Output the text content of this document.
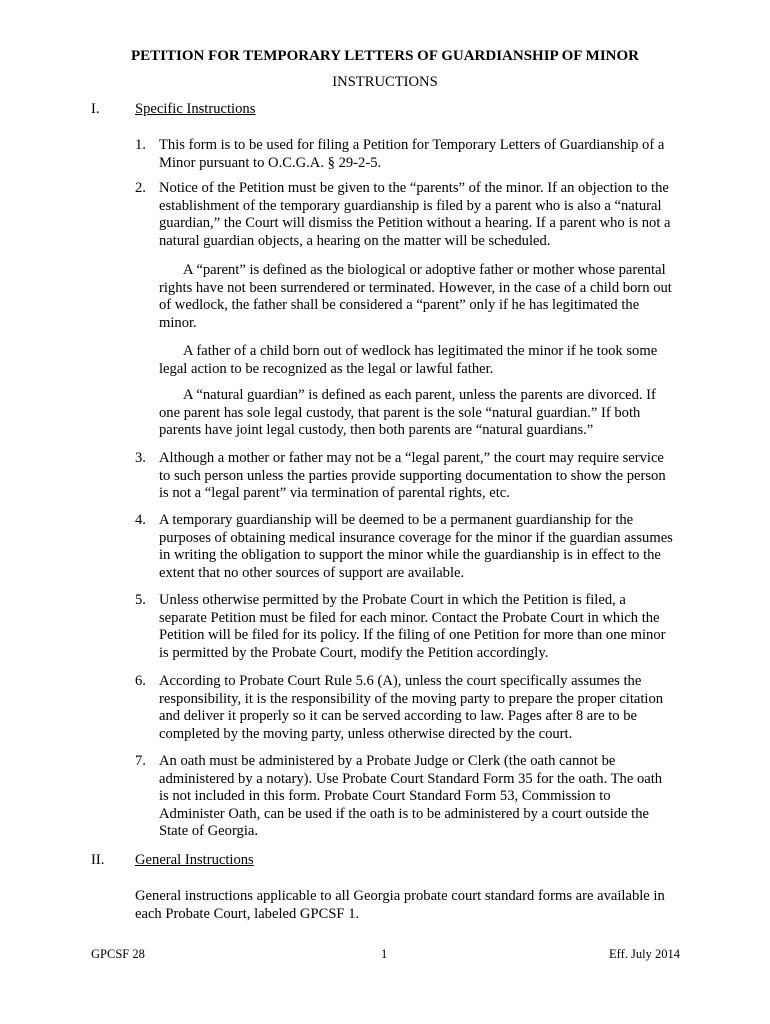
PETITION FOR TEMPORARY LETTERS OF GUARDIANSHIP OF MINOR
INSTRUCTIONS
I. Specific Instructions
1. This form is to be used for filing a Petition for Temporary Letters of Guardianship of a Minor pursuant to O.C.G.A. § 29-2-5.
2. Notice of the Petition must be given to the “parents” of the minor. If an objection to the establishment of the temporary guardianship is filed by a parent who is also a “natural guardian,” the Court will dismiss the Petition without a hearing. If a parent who is not a natural guardian objects, a hearing on the matter will be scheduled.
A “parent” is defined as the biological or adoptive father or mother whose parental rights have not been surrendered or terminated. However, in the case of a child born out of wedlock, the father shall be considered a “parent” only if he has legitimated the minor.
A father of a child born out of wedlock has legitimated the minor if he took some legal action to be recognized as the legal or lawful father.
A “natural guardian” is defined as each parent, unless the parents are divorced. If one parent has sole legal custody, that parent is the sole “natural guardian.” If both parents have joint legal custody, then both parents are “natural guardians.”
3. Although a mother or father may not be a “legal parent,” the court may require service to such person unless the parties provide supporting documentation to show the person is not a “legal parent” via termination of parental rights, etc.
4. A temporary guardianship will be deemed to be a permanent guardianship for the purposes of obtaining medical insurance coverage for the minor if the guardian assumes in writing the obligation to support the minor while the guardianship is in effect to the extent that no other sources of support are available.
5. Unless otherwise permitted by the Probate Court in which the Petition is filed, a separate Petition must be filed for each minor. Contact the Probate Court in which the Petition will be filed for its policy. If the filing of one Petition for more than one minor is permitted by the Probate Court, modify the Petition accordingly.
6. According to Probate Court Rule 5.6 (A), unless the court specifically assumes the responsibility, it is the responsibility of the moving party to prepare the proper citation and deliver it properly so it can be served according to law. Pages after 8 are to be completed by the moving party, unless otherwise directed by the court.
7. An oath must be administered by a Probate Judge or Clerk (the oath cannot be administered by a notary). Use Probate Court Standard Form 35 for the oath. The oath is not included in this form. Probate Court Standard Form 53, Commission to Administer Oath, can be used if the oath is to be administered by a court outside the State of Georgia.
II. General Instructions
General instructions applicable to all Georgia probate court standard forms are available in each Probate Court, labeled GPCSF 1.
GPCSF 28	1	Eff. July 2014
